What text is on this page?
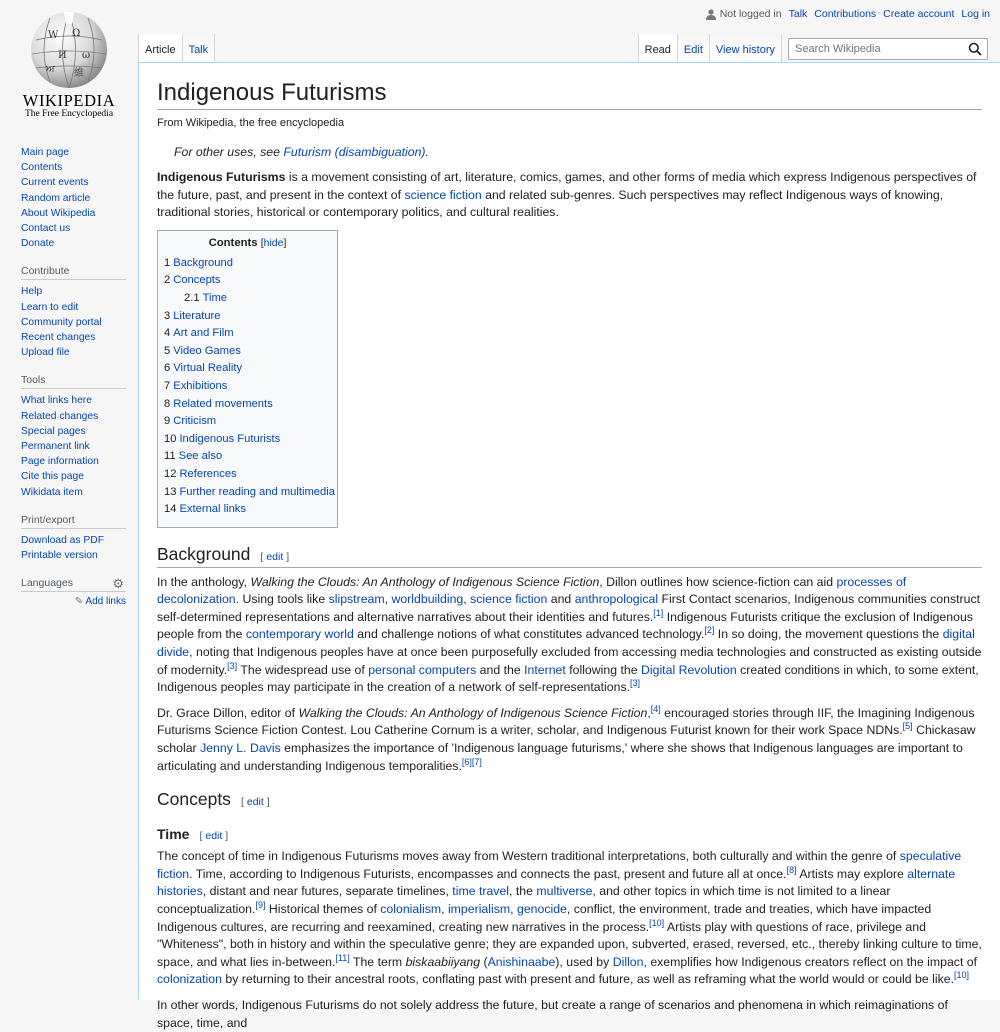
W Ω
И ω
ਅ 維
WIKIPEDIA
The Free Encyclopedia
Main page
Contents
Current events
Random article
About Wikipedia
Contact us
Donate
Contribute
Help
Learn to edit
Community portal
Recent changes
Upload file
Tools
What links here
Related changes
Special pages
Permanent link
Page information
Cite this page
Wikidata item
Print/export
Download as PDF
Printable version
Languages	⚙
✎ Add links
Not logged in Talk Contributions Create account Log in
Article	Talk	Read	Edit	View history
Search Wikipedia
Indigenous Futurisms
From Wikipedia, the free encyclopedia
For other uses, see Futurism (disambiguation).

Indigenous Futurisms is a movement consisting of art, literature, comics, games, and other forms of media which express Indigenous perspectives of the future, past, and present in the context of science fiction and related sub-genres. Such perspectives may reflect Indigenous ways of knowing, traditional stories, historical or contemporary politics, and cultural realities.

Contents [hide]
1 Background
2 Concepts
2.1 Time
3 Literature
4 Art and Film
5 Video Games
6 Virtual Reality
7 Exhibitions
8 Related movements
9 Criticism
10 Indigenous Futurists
11 See also
12 References
13 Further reading and multimedia
14 External links
Background [ edit ]

In the anthology, Walking the Clouds: An Anthology of Indigenous Science Fiction, Dillon outlines how science-fiction can aid processes of decolonization. Using tools like slipstream, worldbuilding, science fiction and anthropological First Contact scenarios, Indigenous communities construct self-determined representations and alternative narratives about their identities and futures.[1] Indigenous Futurists critique the exclusion of Indigenous people from the contemporary world and challenge notions of what constitutes advanced technology.[2] In so doing, the movement questions the digital divide, noting that Indigenous peoples have at once been purposefully excluded from accessing media technologies and constructed as existing outside of modernity.[3] The widespread use of personal computers and the Internet following the Digital Revolution created conditions in which, to some extent, Indigenous peoples may participate in the creation of a network of self-representations.[3]

Dr. Grace Dillon, editor of Walking the Clouds: An Anthology of Indigenous Science Fiction,[4] encouraged stories through IIF, the Imagining Indigenous Futurisms Science Fiction Contest. Lou Catherine Cornum is a writer, scholar, and Indigenous Futurist known for their work Space NDNs.[5] Chickasaw scholar Jenny L. Davis emphasizes the importance of 'Indigenous language futurisms,' where she shows that Indigenous languages are important to articulating and understanding Indigenous temporalities.[6][7]

Concepts [ edit ]
Time [ edit ]

The concept of time in Indigenous Futurisms moves away from Western traditional interpretations, both culturally and within the genre of speculative fiction. Time, according to Indigenous Futurists, encompasses and connects the past, present and future all at once.[8] Artists may explore alternate histories, distant and near futures, separate timelines, time travel, the multiverse, and other topics in which time is not limited to a linear conceptualization.[9] Historical themes of colonialism, imperialism, genocide, conflict, the environment, trade and treaties, which have impacted Indigenous cultures, are recurring and reexamined, creating new narratives in the process.[10] Artists play with questions of race, privilege and "Whiteness", both in history and within the speculative genre; they are expanded upon, subverted, erased, reversed, etc., thereby linking culture to time, space, and what lies in-between.[11] The term biskaabiiyang (Anishinaabe), used by Dillon, exemplifies how Indigenous creators reflect on the impact of colonization by returning to their ancestral roots, conflating past with present and future, as well as reframing what the world would or could be like.[10]

In other words, Indigenous Futurisms do not solely address the future, but create a range of scenarios and phenomena in which reimaginations of space, time, and
